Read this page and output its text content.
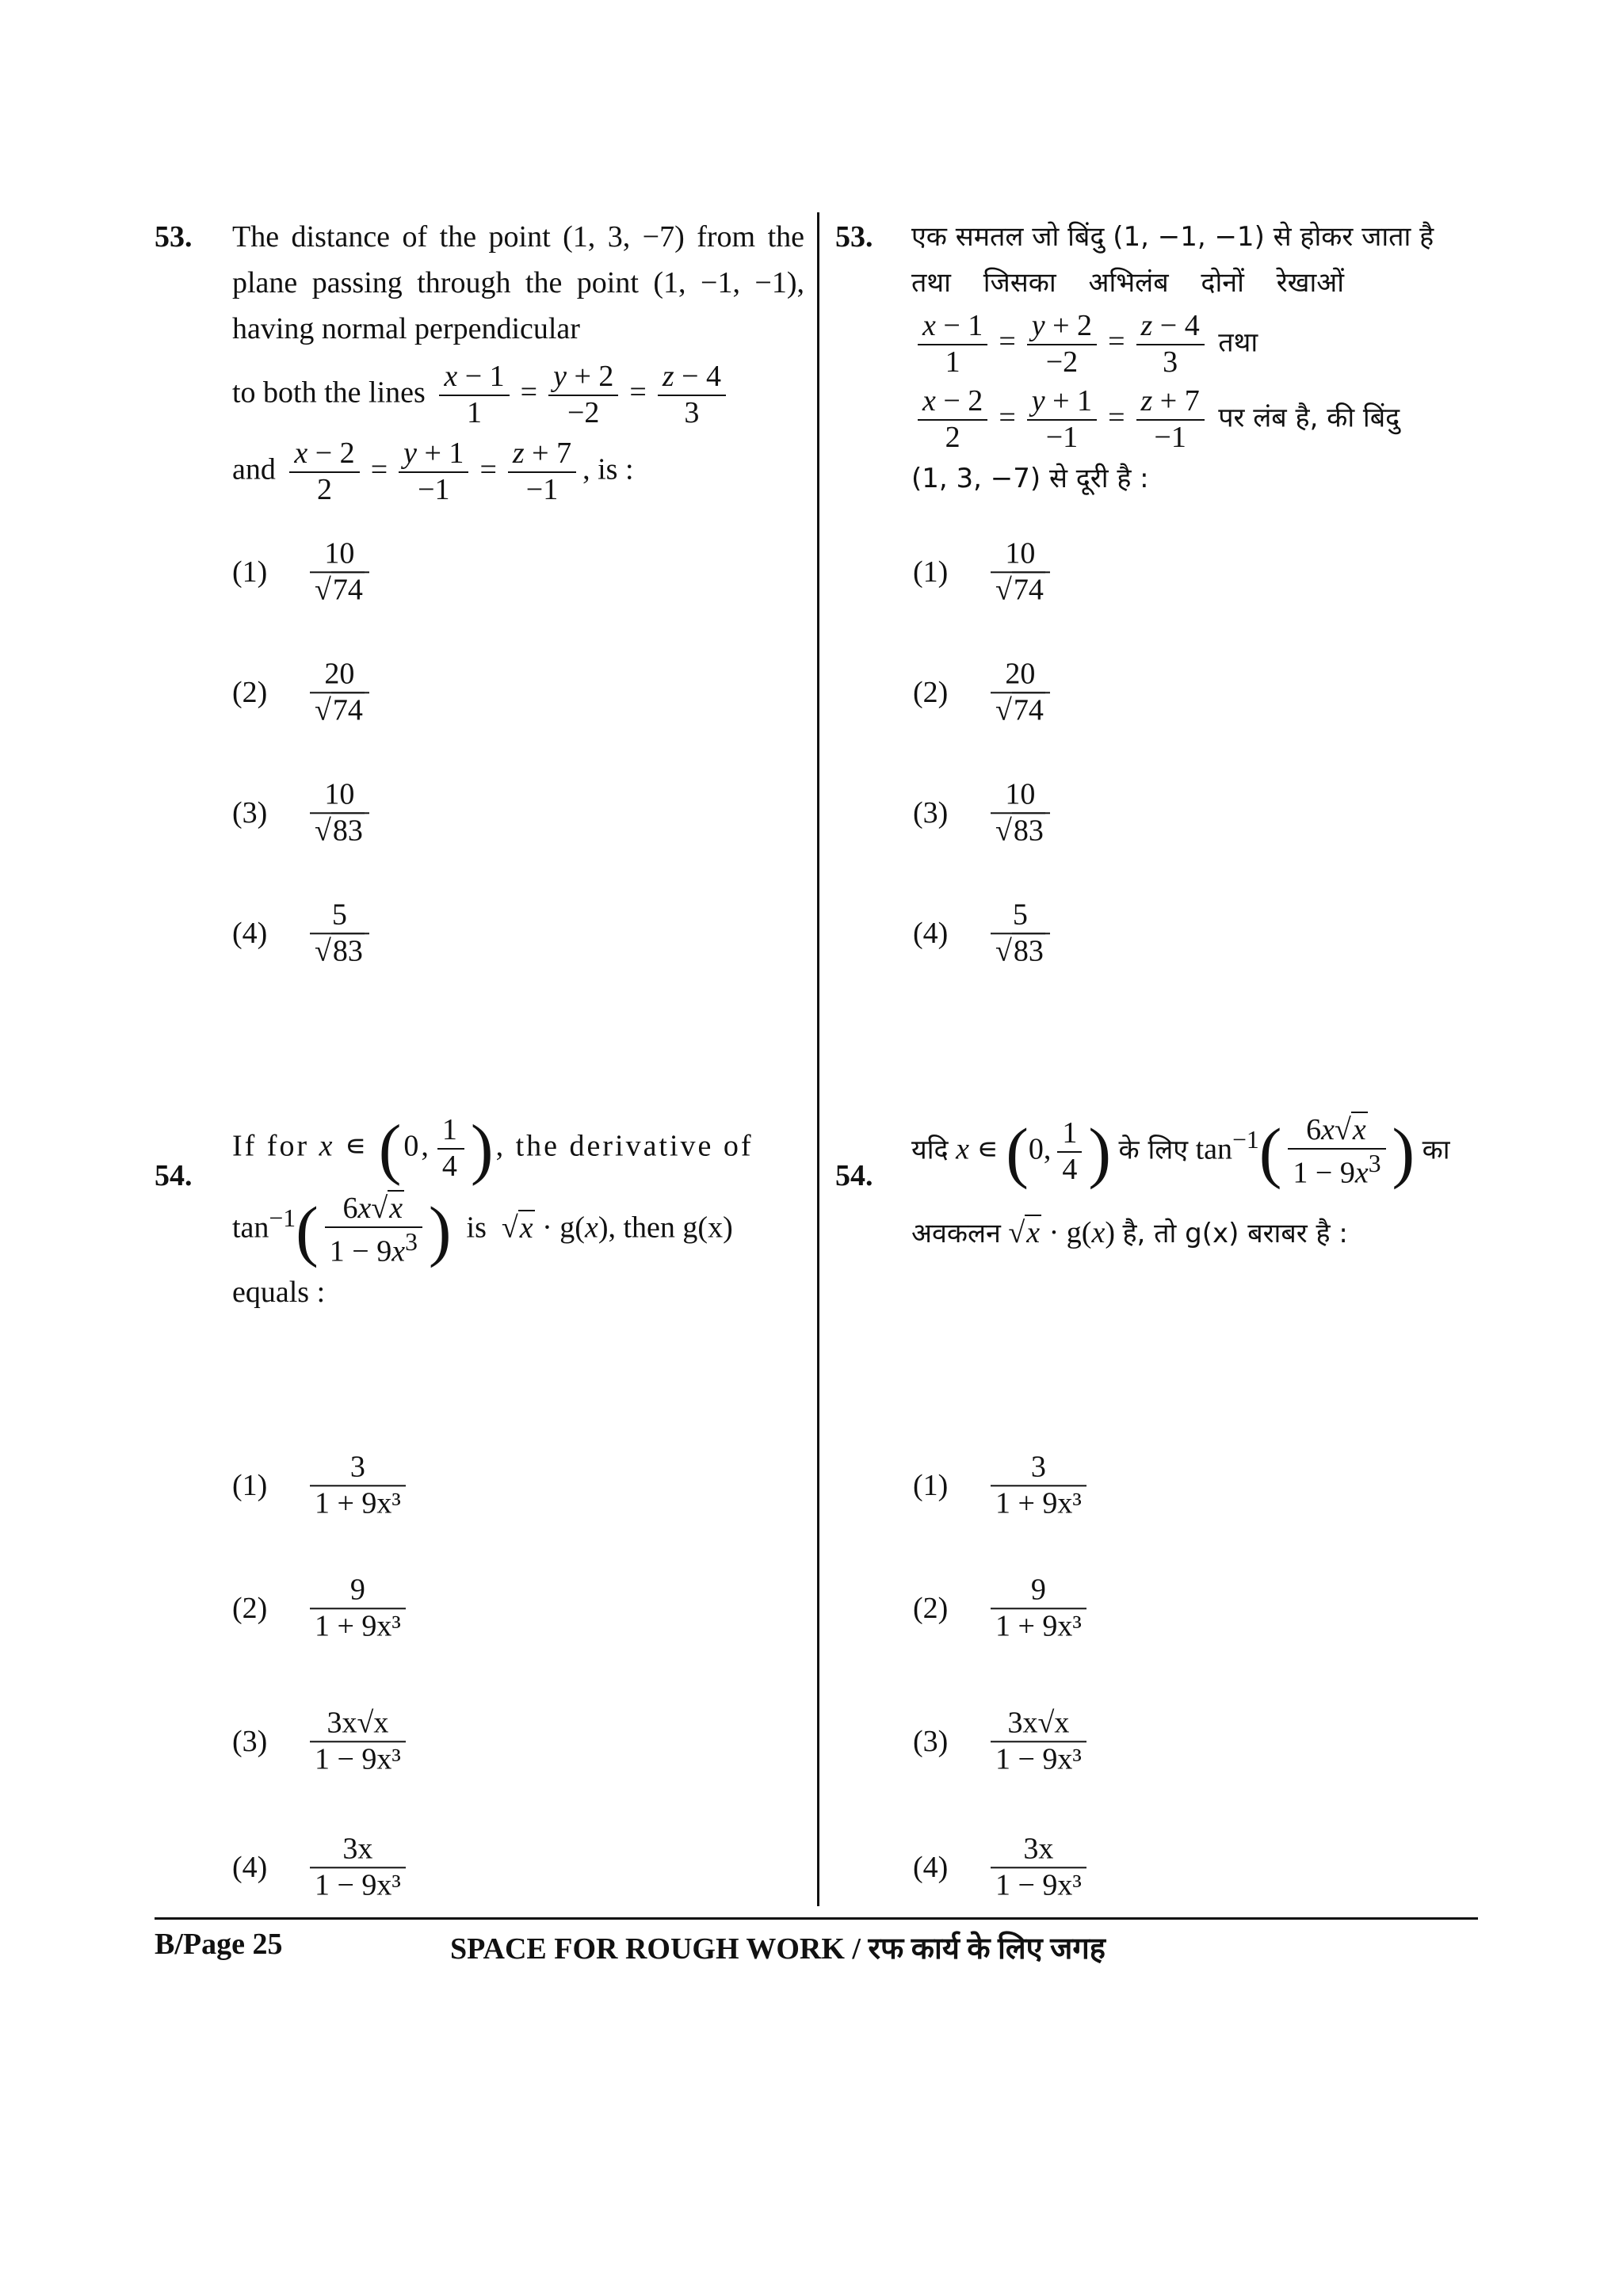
53. The distance of the point (1, 3, −7) from the plane passing through the point (1, −1, −1), having normal perpendicular

to both the lines $\frac{x - 1}{1} = \frac{y + 2}{-2} = \frac{z - 4}{3}$

and $\frac{x - 2}{2} = \frac{y + 1}{-1} = \frac{z + 7}{-1}$ , is :

$(1) \frac{10}{√74}$
$(2) \frac{20}{√74}$
$(3) \frac{10}{√83}$
$(4) \frac{5}{√83}$
54.

If for x ∊ (0, $\frac{1}{4}$ ), the derivative of

$\tan^{-1}( \frac{6x√x}{1 - 9x^3}$ ) is  √x · g(x), then g(x)

equals :

$(1) \frac{3}{\text{1 + 9x³}}$
$(2) \frac{9}{\text{1 + 9x³}}$
$(3) \frac{3x√x}{\text{1 − 9x³}}$
$(4) \frac{3x}{\text{1 − 9x³}}$
53. एक समतल जो बिंदु (1, −1, −1) से होकर जाता है

तथा जिसका अभिलंब दोनों रेखाओं

$\frac{x - 1}{1} = \frac{y + 2}{-2} = \frac{z - 4}{3}$ तथा

$\frac{x - 2}{2} = \frac{y + 1}{-1} = \frac{z + 7}{-1}$ पर लंब है, की बिंदु

(1, 3, −7) से दूरी है :

$(1) \frac{10}{√74}$
$(2) \frac{20}{√74}$
$(3) \frac{10}{√83}$
$(4) \frac{5}{√83}$
54.

यदि x ∊ (0, $\frac{1}{4}$ ) के लिए $\tan^{-1}( \frac{6x√x}{1 - 9x^3}$ ) का

अवकलन √x · g(x) है, तो g(x) बराबर है :

$(1) \frac{3}{\text{1 + 9x³}}$
$(2) \frac{9}{\text{1 + 9x³}}$
$(3) \frac{3x√x}{\text{1 − 9x³}}$
$(4) \frac{3x}{\text{1 − 9x³}}$
B/Page 25	SPACE FOR ROUGH WORK / रफ कार्य के लिए जगह
